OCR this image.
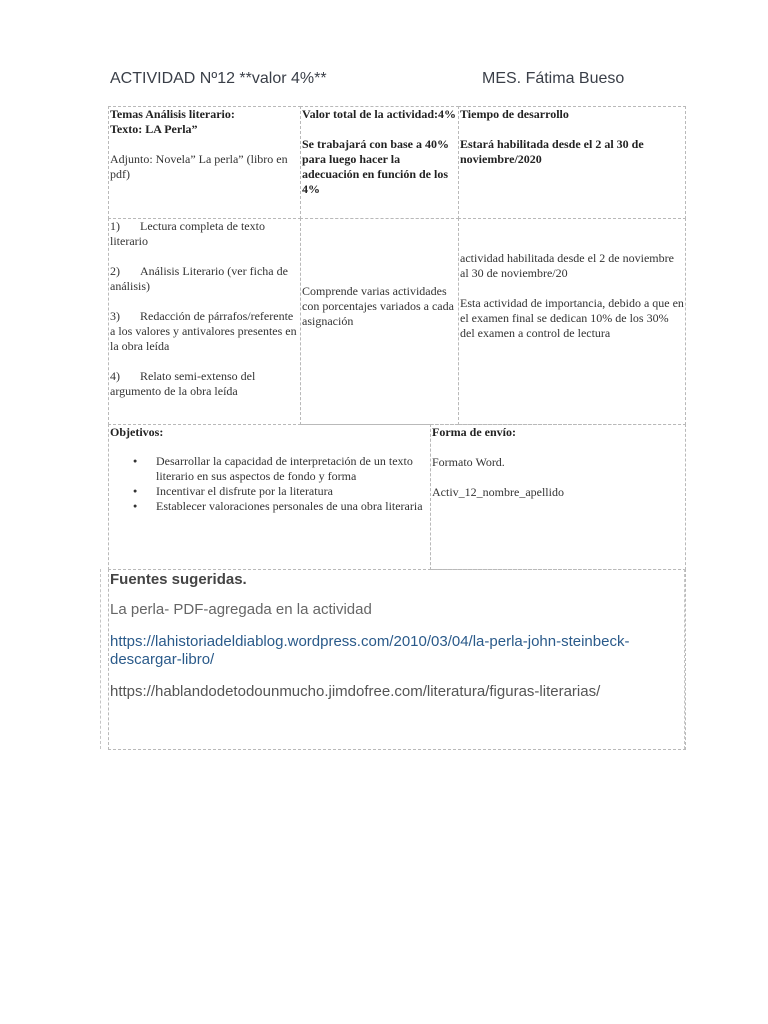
ACTIVIDAD Nº12 **valor 4%**	MES. Fátima Bueso

Temas Análisis literario:

Texto: LA Perla”

Adjunto: Novela” La perla” (libro en pdf)

Valor total de la actividad:4%

Se trabajará con base a 40% para luego hacer la adecuación en función de los 4%

Tiempo de desarrollo

Estará habilitada desde el 2 al 30 de noviembre/2020

1) Lectura completa de texto literario

2) Análisis Literario (ver ficha de análisis)

3) Redacción de párrafos/referente a los valores y antivalores presentes en la obra leída

4) Relato semi-extenso del argumento de la obra leída

Comprende varias actividades con porcentajes variados a cada asignación

actividad habilitada desde el 2 de noviembre al 30 de noviembre/20

Esta actividad de importancia, debido a que en el examen final se dedican 10% de los 30% del examen a control de lectura

Objetivos:

● Desarrollar la capacidad de interpretación de un texto literario en sus aspectos de fondo y forma
● Incentivar el disfrute por la literatura
● Establecer valoraciones personales de una obra literaria

Forma de envío:

Formato Word.

Activ_12_nombre_apellido

Fuentes sugeridas.

La perla- PDF-agregada en la actividad

https://lahistoriadeldiablog.wordpress.com/2010/03/04/la-perla-john-steinbeck-descargar-libro/

https://hablandodetodounmucho.jimdofree.com/literatura/figuras-literarias/
